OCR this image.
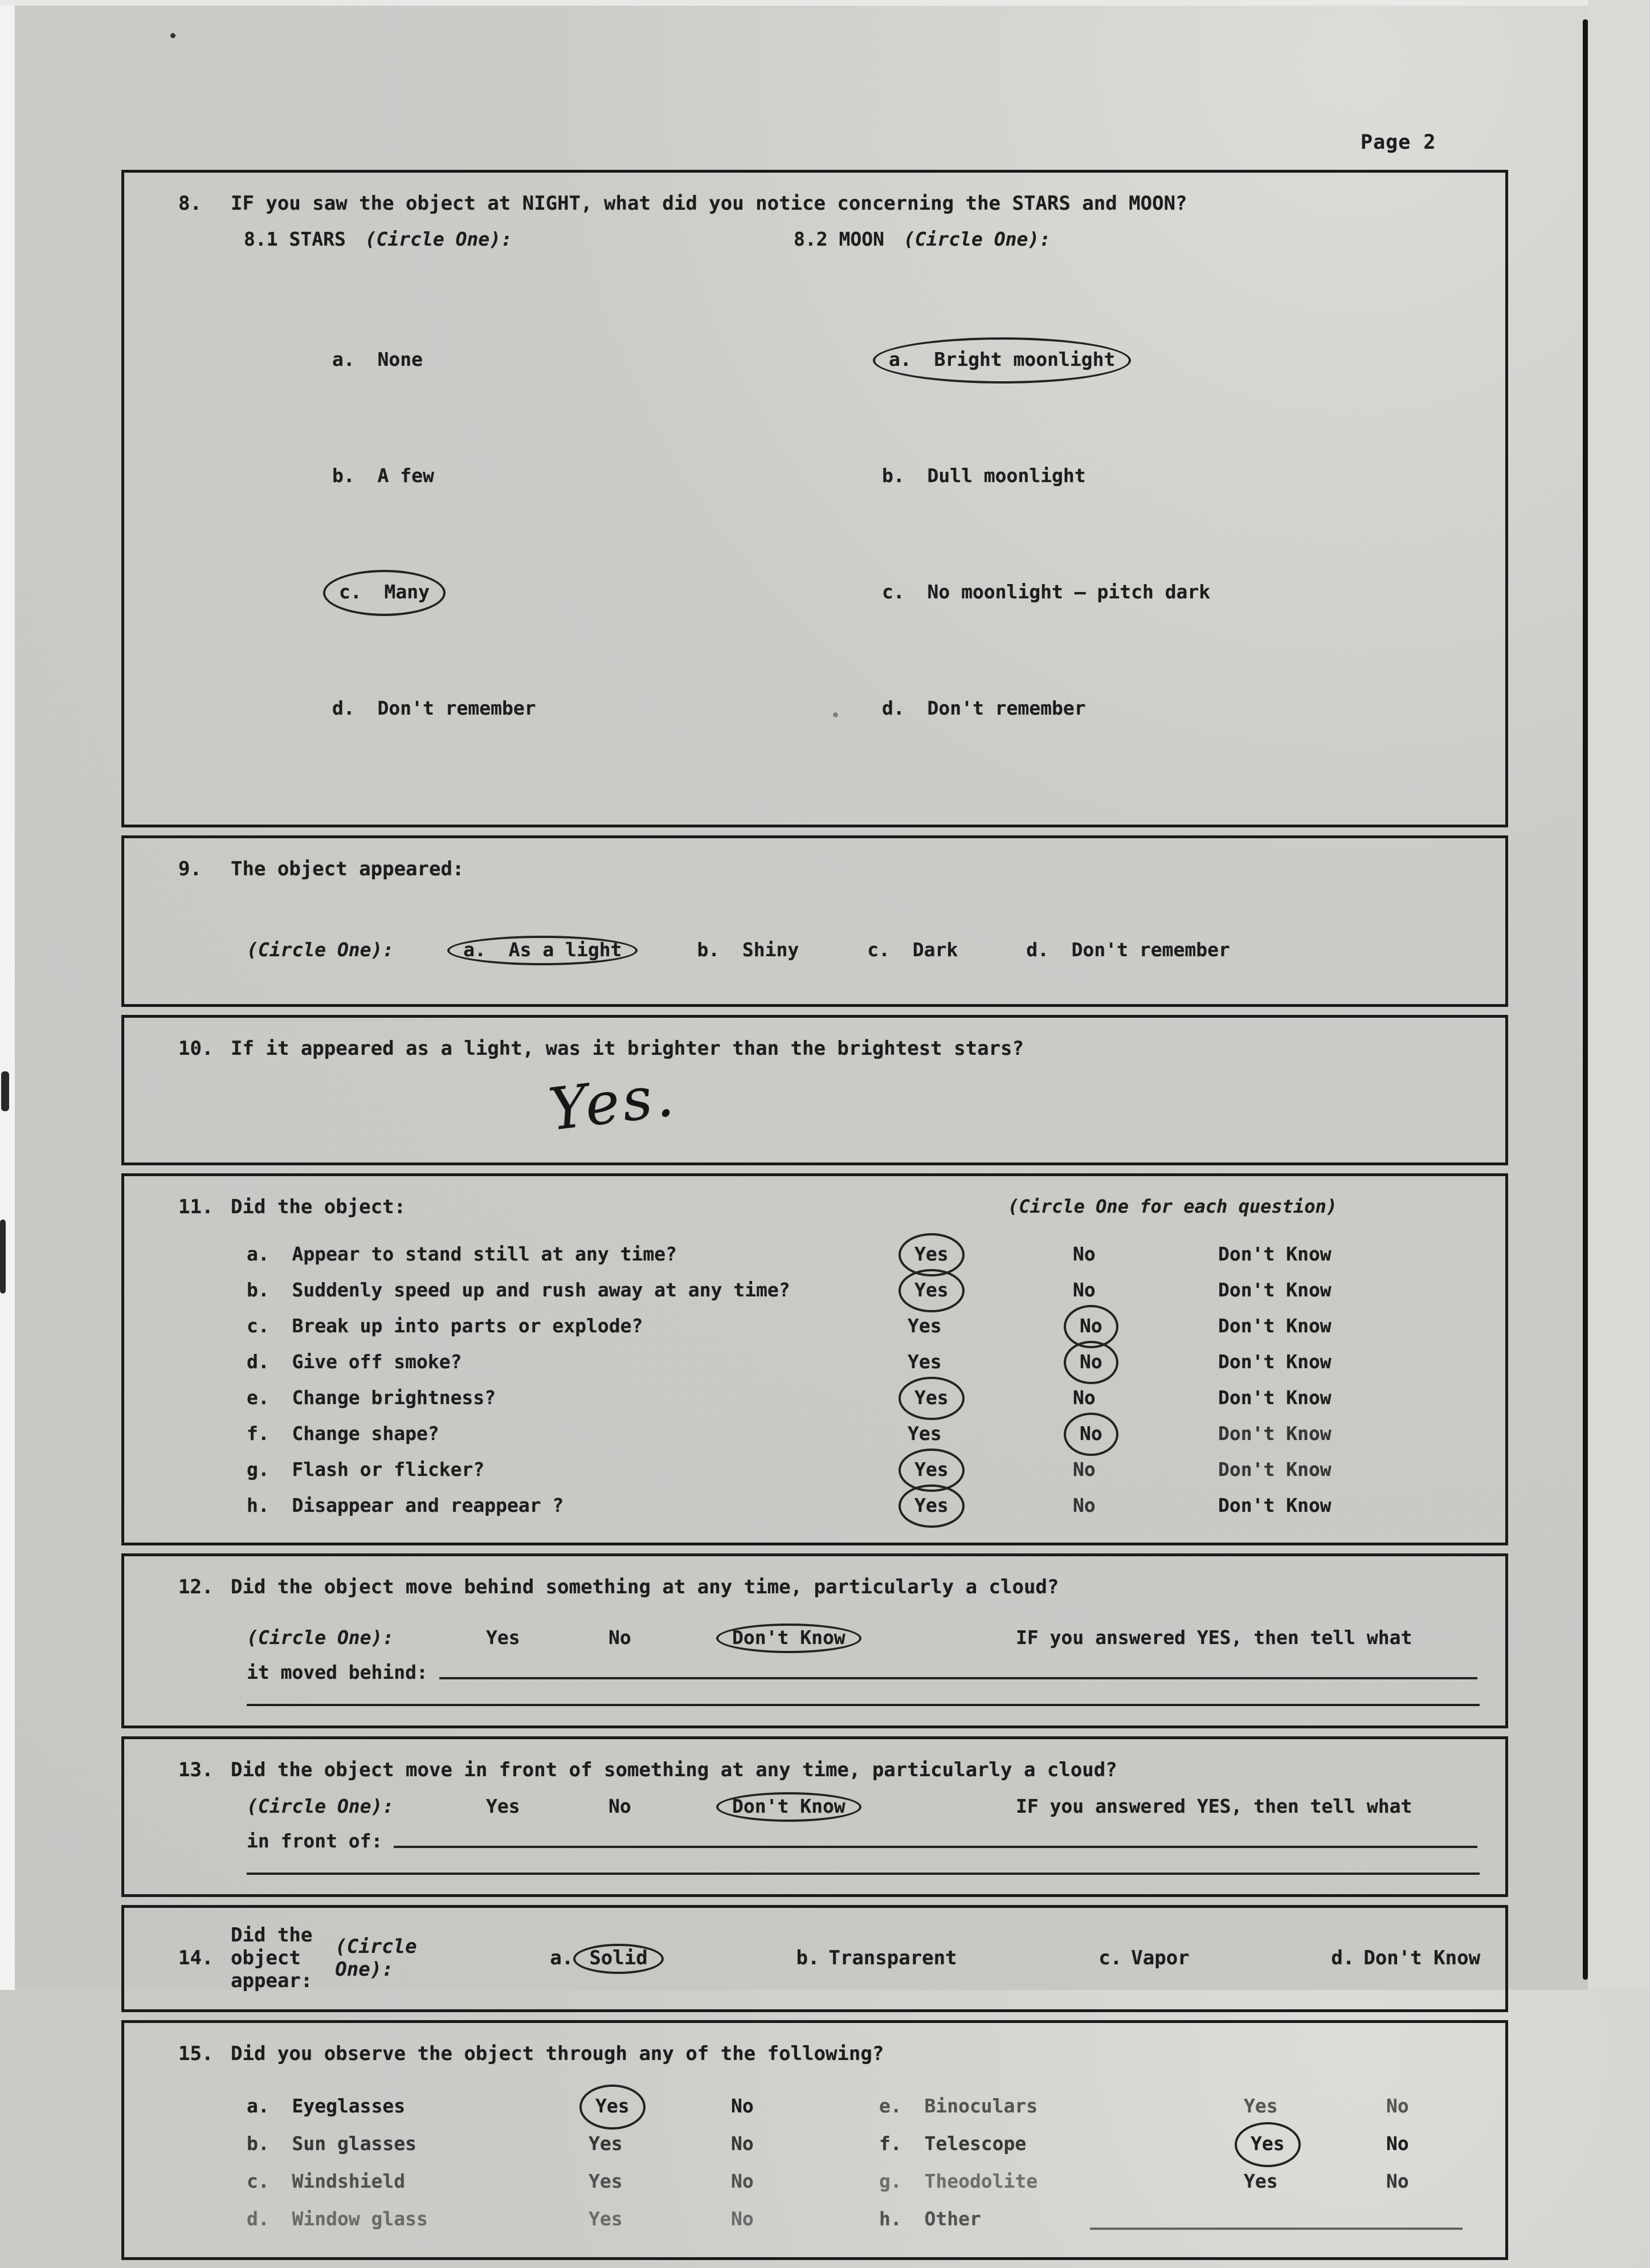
Page 2
8.	IF you saw the object at NIGHT, what did you notice concerning the STARS and MOON?
8.1 STARS (Circle One):

a.  None

b.  A few

c.  Many

d.  Don't remember

8.2 MOON (Circle One):

a.  Bright moonlight

b.  Dull moonlight

c.  No moonlight — pitch dark

d.  Don't remember

9.	The object appeared:
(Circle One):	a.  As a light	b.  Shiny	c.  Dark	d.  Don't remember
10. If it appeared as a light, was it brighter than the brightest stars?
Yes.
11. Did the object:	(Circle One for each question)
a.  Appear to stand still at any time?	Yes	No	Don't Know
b.  Suddenly speed up and rush away at any time?	Yes	No	Don't Know
c.  Break up into parts or explode?	Yes	No	Don't Know
d.  Give off smoke?	Yes	No	Don't Know
e.  Change brightness?	Yes	No	Don't Know
f.  Change shape?	Yes	No	Don't Know
g.  Flash or flicker?	Yes	No	Don't Know
h.  Disappear and reappear ?	Yes	No	Don't Know
12. Did the object move behind something at any time, particularly a cloud?
(Circle One):	Yes	No	Don't Know	IF you answered YES, then tell what
it moved behind:
13. Did the object move in front of something at any time, particularly a cloud?
(Circle One):	Yes	No	Don't Know	IF you answered YES, then tell what
in front of:
14.
Did the object appear:
(Circle One):	a. Solid
	b. Transparent
	c. Vapor
	d. Don't Know

15. Did you observe the object through any of the following?
a.  Eyeglasses	Yes	No
b.  Sun glasses	Yes	No
c.  Windshield	Yes	No
d.  Window glass	Yes	No
e.  Binoculars	Yes	No
f.  Telescope	Yes	No
g.  Theodolite	Yes	No
h.  Other
